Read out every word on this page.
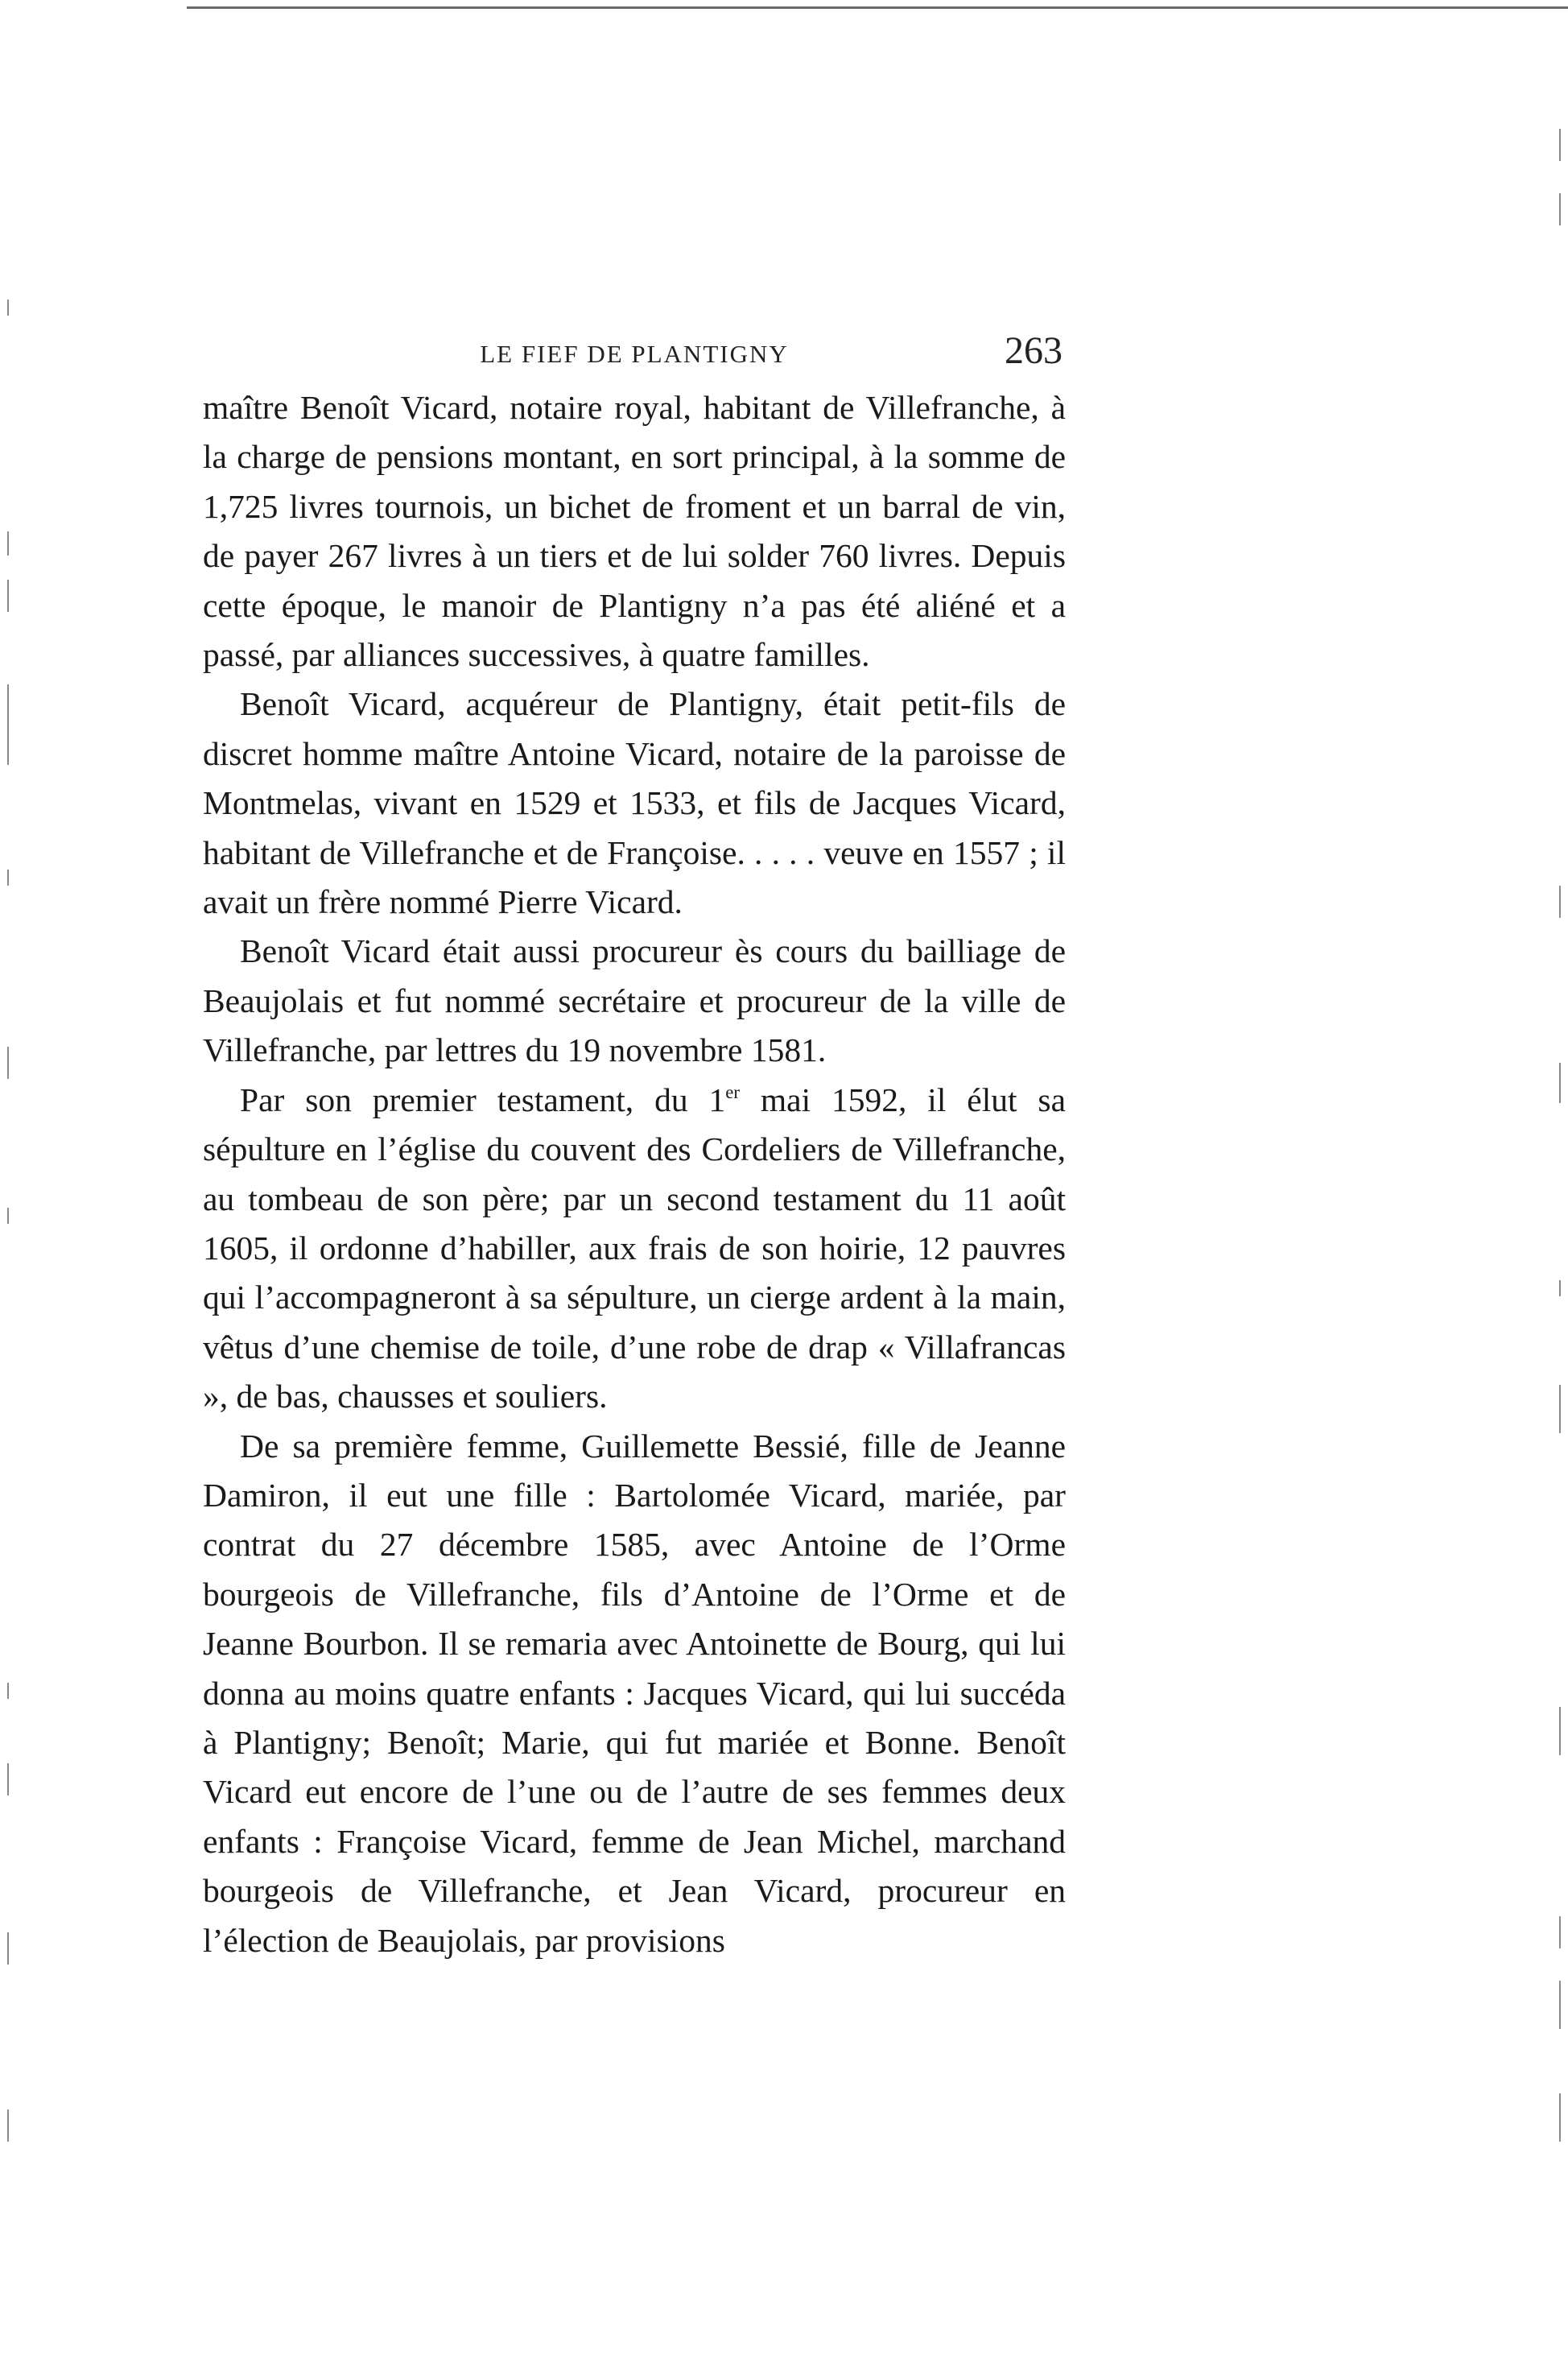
LE FIEF DE PLANTIGNY	263

maître Benoît Vicard, notaire royal, habitant de Villefranche, à la charge de pensions montant, en sort principal, à la somme de 1,725 livres tournois, un bichet de froment et un barral de vin, de payer 267 livres à un tiers et de lui solder 760 livres. Depuis cette époque, le manoir de Plantigny n’a pas été aliéné et a passé, par alliances successives, à quatre familles.

Benoît Vicard, acquéreur de Plantigny, était petit-fils de discret homme maître Antoine Vicard, notaire de la paroisse de Montmelas, vivant en 1529 et 1533, et fils de Jacques Vicard, habitant de Villefranche et de Françoise. . . . . veuve en 1557 ; il avait un frère nommé Pierre Vicard.

Benoît Vicard était aussi procureur ès cours du bailliage de Beaujolais et fut nommé secrétaire et procureur de la ville de Villefranche, par lettres du 19 novembre 1581.

Par son premier testament, du 1er mai 1592, il élut sa sépulture en l’église du couvent des Cordeliers de Villefranche, au tombeau de son père; par un second testament du 11 août 1605, il ordonne d’habiller, aux frais de son hoirie, 12 pauvres qui l’accompagneront à sa sépulture, un cierge ardent à la main, vêtus d’une chemise de toile, d’une robe de drap « Villafrancas », de bas, chausses et souliers.

De sa première femme, Guillemette Bessié, fille de Jeanne Damiron, il eut une fille : Bartolomée Vicard, mariée, par contrat du 27 décembre 1585, avec Antoine de l’Orme bourgeois de Villefranche, fils d’Antoine de l’Orme et de Jeanne Bourbon. Il se remaria avec Antoinette de Bourg, qui lui donna au moins quatre enfants : Jacques Vicard, qui lui succéda à Plantigny; Benoît; Marie, qui fut mariée et Bonne. Benoît Vicard eut encore de l’une ou de l’autre de ses femmes deux enfants : Françoise Vicard, femme de Jean Michel, marchand bourgeois de Villefranche, et Jean Vicard, procureur en l’élection de Beaujolais, par provisions
